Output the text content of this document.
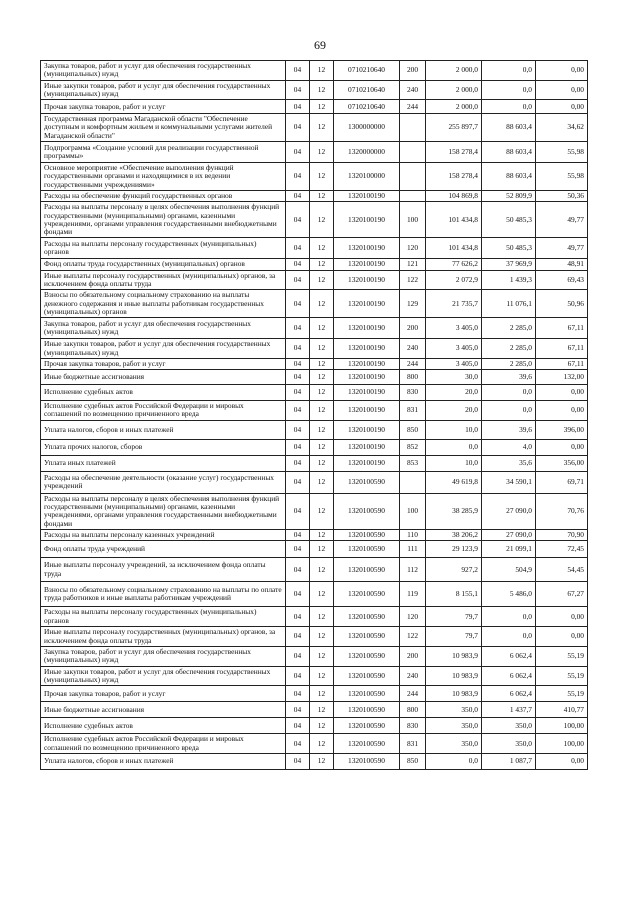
69
Закупка товаров, работ и услуг для обеспечения государственных (муниципальных) нужд	04	12	0710210640	200	2 000,0	0,0	0,00
Иные закупки товаров, работ и услуг для обеспечения государственных (муниципальных) нужд	04	12	0710210640	240	2 000,0	0,0	0,00
Прочая закупка товаров, работ и услуг	04	12	0710210640	244	2 000,0	0,0	0,00
Государственная программа Магаданской области "Обеспечение доступным и комфортным жильем и коммунальными услугами жителей Магаданской области"	04	12	1300000000		255 897,7	88 603,4	34,62
Подпрограмма «Создание условий для реализации государственной программы»	04	12	1320000000		158 278,4	88 603,4	55,98
Основное мероприятие «Обеспечение выполнения функций государственными органами и находящимися в их ведении государственными учреждениями»	04	12	1320100000		158 278,4	88 603,4	55,98
Расходы на обеспечение функций государственных органов	04	12	1320100190		104 869,8	52 809,9	50,36
Расходы на выплаты персоналу в целях обеспечения выполнения функций государственными (муниципальными) органами, казенными учреждениями, органами управления государственными внебюджетными фондами	04	12	1320100190	100	101 434,8	50 485,3	49,77
Расходы на выплаты персоналу государственных (муниципальных) органов	04	12	1320100190	120	101 434,8	50 485,3	49,77
Фонд оплаты труда государственных (муниципальных) органов	04	12	1320100190	121	77 626,2	37 969,9	48,91
Иные выплаты персоналу государственных (муниципальных) органов, за исключением фонда оплаты труда	04	12	1320100190	122	2 072,9	1 439,3	69,43
Взносы по обязательному социальному страхованию на выплаты денежного содержания и иные выплаты работникам государственных (муниципальных) органов	04	12	1320100190	129	21 735,7	11 076,1	50,96
Закупка товаров, работ и услуг для обеспечения государственных (муниципальных) нужд	04	12	1320100190	200	3 405,0	2 285,0	67,11
Иные закупки товаров, работ и услуг для обеспечения государственных (муниципальных) нужд	04	12	1320100190	240	3 405,0	2 285,0	67,11
Прочая закупка товаров, работ и услуг	04	12	1320100190	244	3 405,0	2 285,0	67,11
Иные бюджетные ассигнования	04	12	1320100190	800	30,0	39,6	132,00
Исполнение судебных актов	04	12	1320100190	830	20,0	0,0	0,00
Исполнение судебных актов Российской Федерации и мировых соглашений по возмещению причиненного вреда	04	12	1320100190	831	20,0	0,0	0,00
Уплата налогов, сборов и иных платежей	04	12	1320100190	850	10,0	39,6	396,00
Уплата прочих налогов, сборов	04	12	1320100190	852	0,0	4,0	0,00
Уплата иных платежей	04	12	1320100190	853	10,0	35,6	356,00
Расходы на обеспечение деятельности (оказание услуг) государственных учреждений	04	12	1320100590		49 619,8	34 590,1	69,71
Расходы на выплаты персоналу в целях обеспечения выполнения функций государственными (муниципальными) органами, казенными учреждениями, органами управления государственными внебюджетными фондами	04	12	1320100590	100	38 285,9	27 090,0	70,76
Расходы на выплаты персоналу казенных учреждений	04	12	1320100590	110	38 206,2	27 090,0	70,90
Фонд оплаты труда учреждений	04	12	1320100590	111	29 123,9	21 099,1	72,45
Иные выплаты персоналу учреждений, за исключением фонда оплаты труда	04	12	1320100590	112	927,2	504,9	54,45
Взносы по обязательному социальному страхованию на выплаты по оплате труда работников и иные выплаты работникам учреждений	04	12	1320100590	119	8 155,1	5 486,0	67,27
Расходы на выплаты персоналу государственных (муниципальных) органов	04	12	1320100590	120	79,7	0,0	0,00
Иные выплаты персоналу государственных (муниципальных) органов, за исключением фонда оплаты труда	04	12	1320100590	122	79,7	0,0	0,00
Закупка товаров, работ и услуг для обеспечения государственных (муниципальных) нужд	04	12	1320100590	200	10 983,9	6 062,4	55,19
Иные закупки товаров, работ и услуг для обеспечения государственных (муниципальных) нужд	04	12	1320100590	240	10 983,9	6 062,4	55,19
Прочая закупка товаров, работ и услуг	04	12	1320100590	244	10 983,9	6 062,4	55,19
Иные бюджетные ассигнования	04	12	1320100590	800	350,0	1 437,7	410,77
Исполнение судебных актов	04	12	1320100590	830	350,0	350,0	100,00
Исполнение судебных актов Российской Федерации и мировых соглашений по возмещению причиненного вреда	04	12	1320100590	831	350,0	350,0	100,00
Уплата налогов, сборов и иных платежей	04	12	1320100590	850	0,0	1 087,7	0,00
